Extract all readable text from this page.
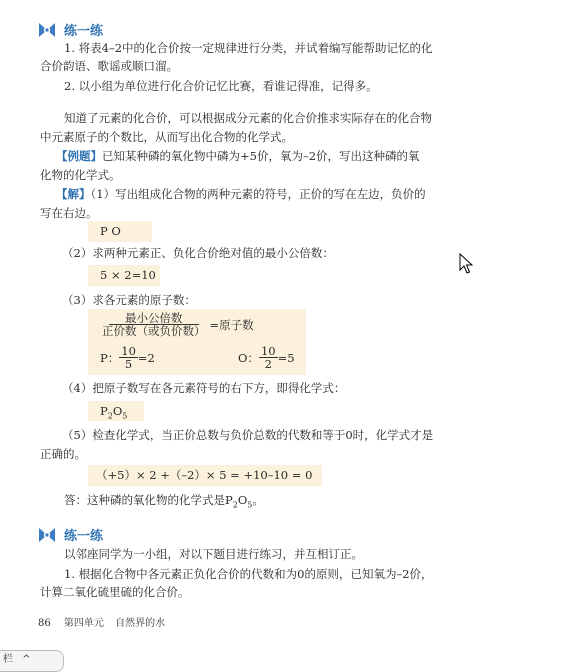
练一练
1. 将表4–2中的化合价按一定规律进行分类，并试着编写能帮助记忆的化
合价韵语、歌谣或顺口溜。
2. 以小组为单位进行化合价记忆比赛，看谁记得准，记得多。
知道了元素的化合价，可以根据成分元素的化合价推求实际存在的化合物
中元素原子的个数比，从而写出化合物的化学式。
【例题】已知某种磷的氧化物中磷为+5价，氧为–2价，写出这种磷的氧
化物的化学式。
【解】（1）写出组成化合物的两种元素的符号，正价的写在左边，负价的
写在右边。
P O
（2）求两种元素正、负化合价绝对值的最小公倍数：
5 × 2=10
（3）求各元素的原子数：
$\frac{\text{最小公倍数}}{\text{正价数（或负价数）}}$ =原子数
P： $\frac{10}{5} =2$	O： $\frac{10}{2} =5$
（4）把原子数写在各元素符号的右下方，即得化学式：
$P_2O_5$
（5）检查化学式，当正价总数与负价总数的代数和等于0时，化学式才是
正确的。
（+5）× 2 +（–2）× 5 = +10–10 = 0
答：这种磷的氧化物的化学式是$P_2O_5$。
练一练
以邻座同学为一小组，对以下题目进行练习，并互相订正。
1. 根据化合物中各元素正负化合价的代数和为0的原则，已知氧为–2价，
计算二氧化硫里硫的化合价。
86 第四单元 自然界的水
栏 ^
